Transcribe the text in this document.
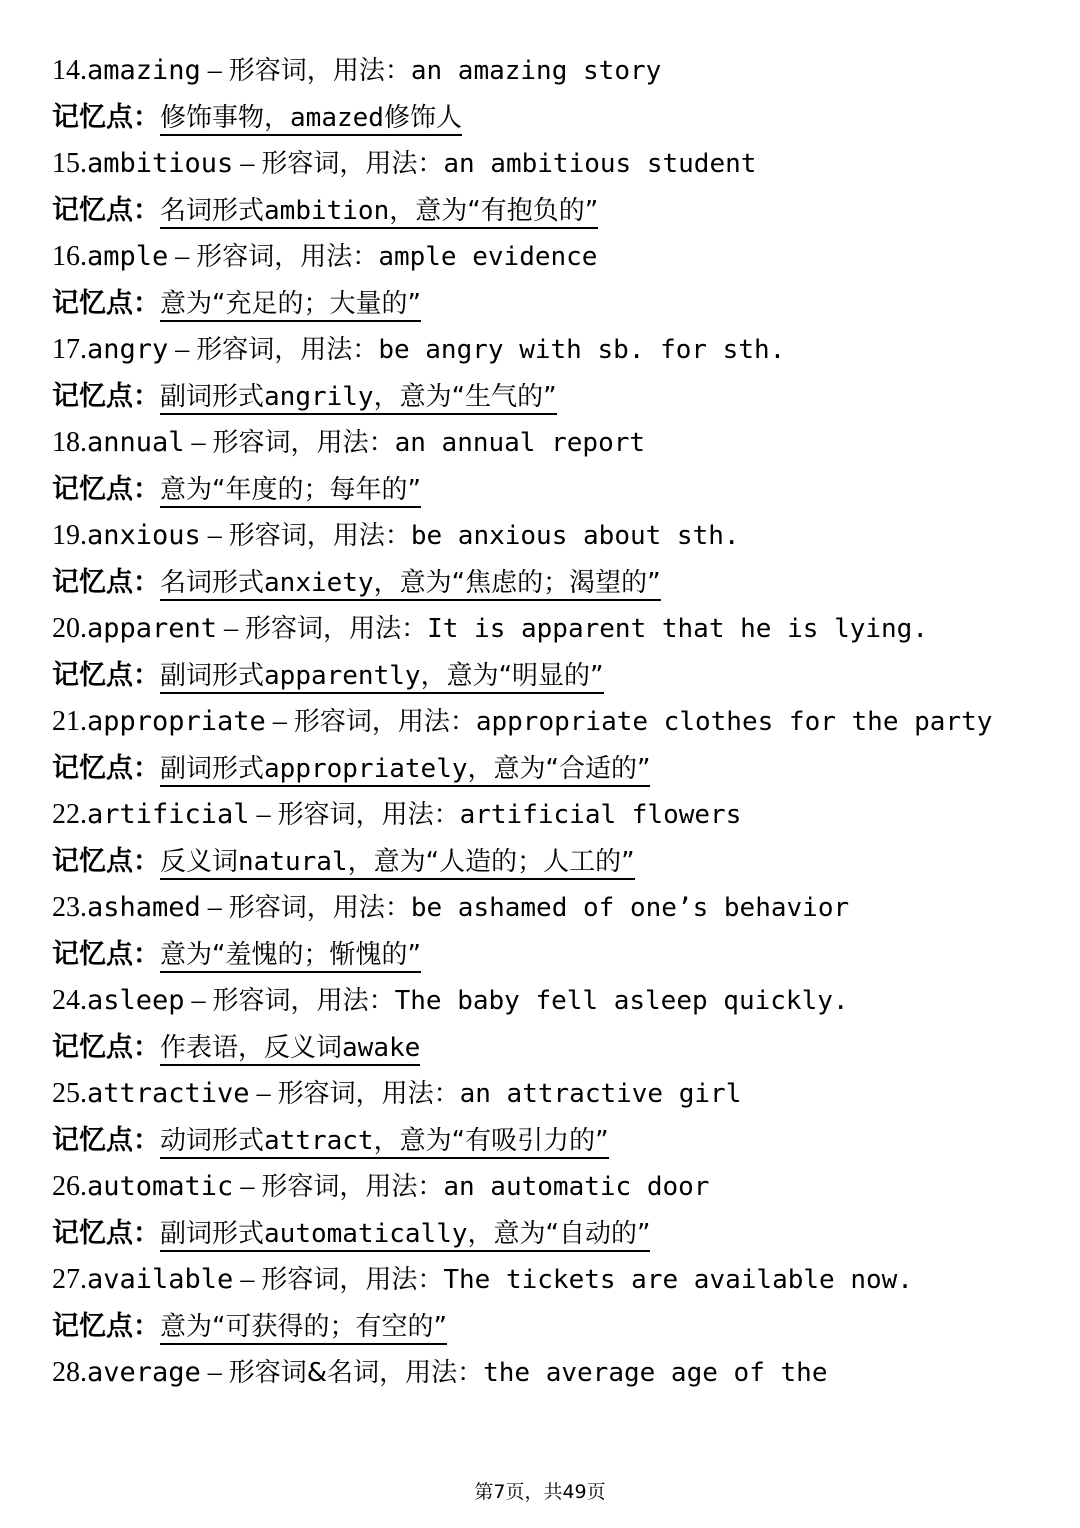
14.amazing – 形容词，用法：an amazing story
记忆点：修饰事物，amazed修饰人
15.ambitious – 形容词，用法：an ambitious student
记忆点：名词形式ambition，意为“有抱负的”
16.ample – 形容词，用法：ample evidence
记忆点：意为“充足的；大量的”
17.angry – 形容词，用法：be angry with sb. for sth.
记忆点：副词形式angrily，意为“生气的”
18.annual – 形容词，用法：an annual report
记忆点：意为“年度的；每年的”
19.anxious – 形容词，用法：be anxious about sth.
记忆点：名词形式anxiety，意为“焦虑的；渴望的”
20.apparent – 形容词，用法：It is apparent that he is lying.
记忆点：副词形式apparently，意为“明显的”
21.appropriate – 形容词，用法：appropriate clothes for the party
记忆点：副词形式appropriately，意为“合适的”
22.artificial – 形容词，用法：artificial flowers
记忆点：反义词natural，意为“人造的；人工的”
23.ashamed – 形容词，用法：be ashamed of one’s behavior
记忆点：意为“羞愧的；惭愧的”
24.asleep – 形容词，用法：The baby fell asleep quickly.
记忆点：作表语，反义词awake
25.attractive – 形容词，用法：an attractive girl
记忆点：动词形式attract，意为“有吸引力的”
26.automatic – 形容词，用法：an automatic door
记忆点：副词形式automatically，意为“自动的”
27.available – 形容词，用法：The tickets are available now.
记忆点：意为“可获得的；有空的”
28.average – 形容词&名词，用法：the average age of the
第7页，共49页
